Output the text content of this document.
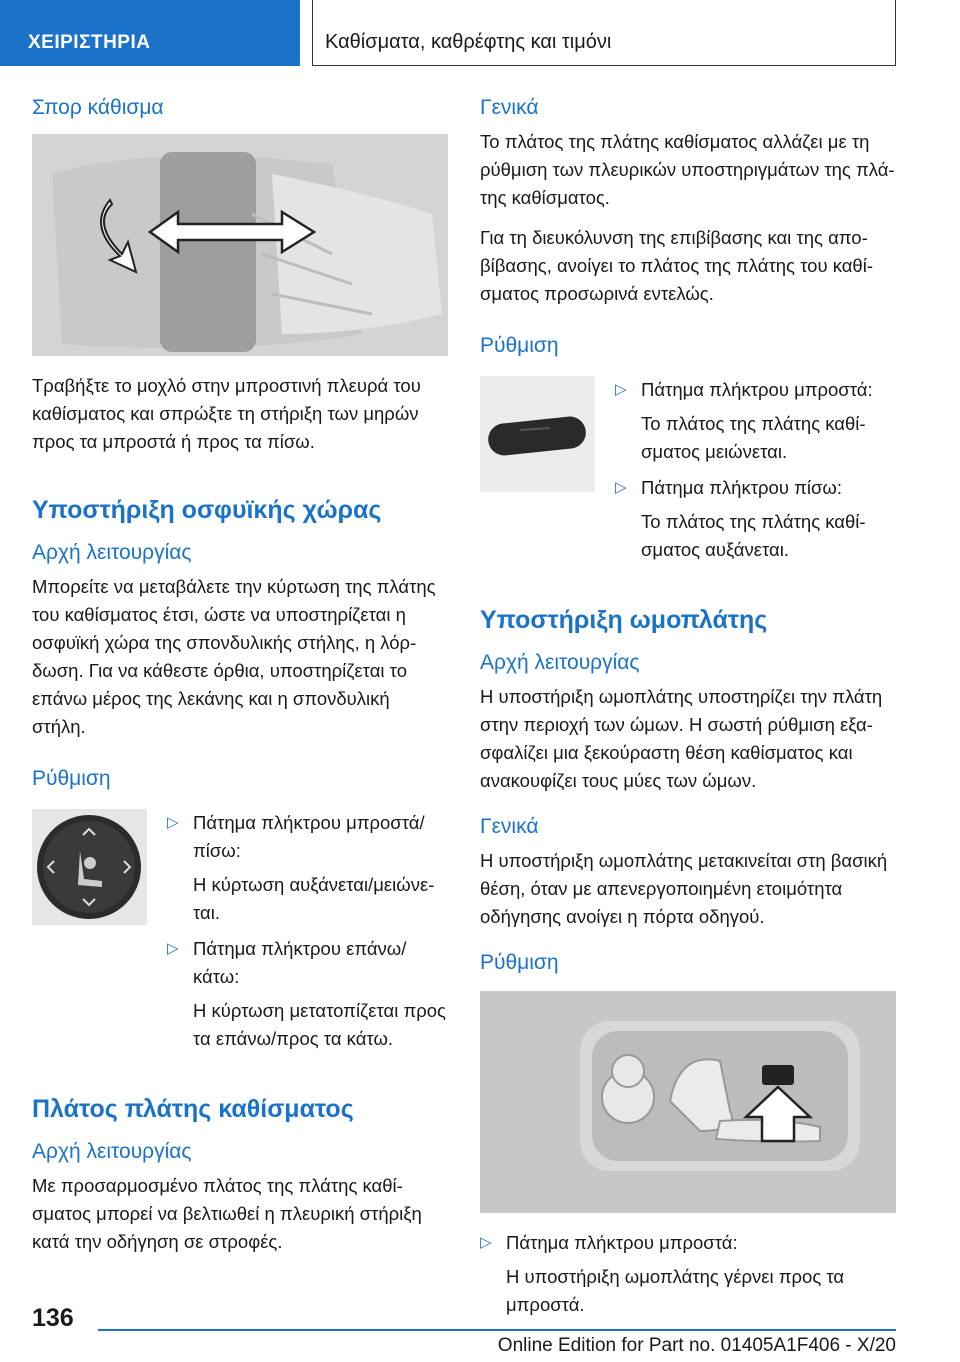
ΧΕΙΡΙΣΤΗΡΙΑ	Καθίσματα, καθρέφτης και τιμόνι
Σπορ κάθισμα

Τραβήξτε το μοχλό στην μπροστινή πλευρά του καθίσματος και σπρώξτε τη στήριξη των μηρών προς τα μπροστά ή προς τα πίσω.

Υποστήριξη οσφυϊκής χώρας
Αρχή λειτουργίας

Μπορείτε να μεταβάλετε την κύρτωση της πλάτης του καθίσματος έτσι, ώστε να υποστηρίζεται η οσφυϊκή χώρα της σπονδυλικής στήλης, η λόρδωση. Για να κάθεστε όρθια, υποστηρίζεται το επάνω μέρος της λεκάνης και η σπονδυλική στήλη.

Ρύθμιση
▷ Πάτημα πλήκτρου μπροστά/πίσω:
Η κύρτωση αυξάνεται/μειώνεται.
▷ Πάτημα πλήκτρου επάνω/κάτω:
Η κύρτωση μετατοπίζεται προς τα επάνω/προς τα κάτω.
Πλάτος πλάτης καθίσματος
Αρχή λειτουργίας

Με προσαρμοσμένο πλάτος της πλάτης καθίσματος μπορεί να βελτιωθεί η πλευρική στήριξη κατά την οδήγηση σε στροφές.

Γενικά

Το πλάτος της πλάτης καθίσματος αλλάζει με τη ρύθμιση των πλευρικών υποστηριγμάτων της πλάτης καθίσματος.

Για τη διευκόλυνση της επιβίβασης και της αποβίβασης, ανοίγει το πλάτος της πλάτης του καθίσματος προσωρινά εντελώς.

Ρύθμιση
▷ Πάτημα πλήκτρου μπροστά:
Το πλάτος της πλάτης καθίσματος μειώνεται.
▷ Πάτημα πλήκτρου πίσω:
Το πλάτος της πλάτης καθίσματος αυξάνεται.
Υποστήριξη ωμοπλάτης
Αρχή λειτουργίας

Η υποστήριξη ωμοπλάτης υποστηρίζει την πλάτη στην περιοχή των ώμων. Η σωστή ρύθμιση εξασφαλίζει μια ξεκούραστη θέση καθίσματος και ανακουφίζει τους μύες των ώμων.

Γενικά

Η υποστήριξη ωμοπλάτης μετακινείται στη βασική θέση, όταν με απενεργοποιημένη ετοιμότητα οδήγησης ανοίγει η πόρτα οδηγού.

Ρύθμιση
▷ Πάτημα πλήκτρου μπροστά:
Η υποστήριξη ωμοπλάτης γέρνει προς τα μπροστά.
136
Online Edition for Part no. 01405A1F406 - X/20
